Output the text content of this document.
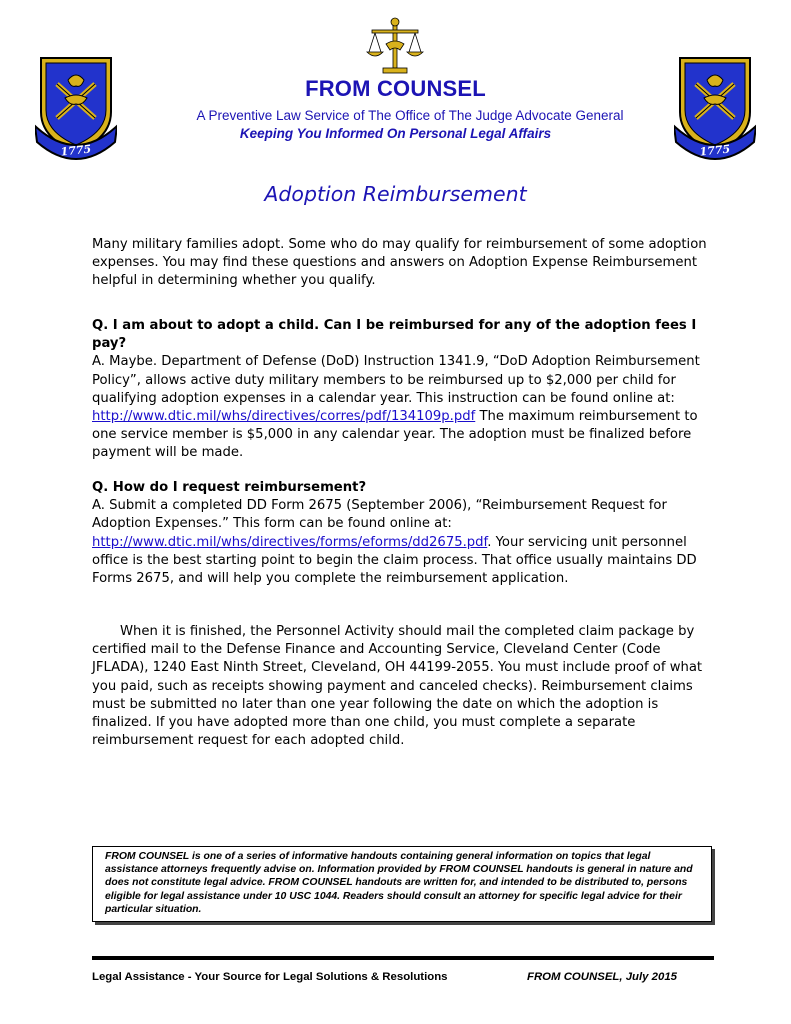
1775	1775
FROM COUNSEL
A Preventive Law Service of The Office of The Judge Advocate General
Keeping You Informed On Personal Legal Affairs
Adoption Reimbursement

Many military families adopt. Some who do may qualify for reimbursement of some adoption expenses. You may find these questions and answers on Adoption Expense Reimbursement helpful in determining whether you qualify.

Q. I am about to adopt a child. Can I be reimbursed for any of the adoption fees I pay?

A. Maybe. Department of Defense (DoD) Instruction 1341.9, “DoD Adoption Reimbursement Policy”, allows active duty military members to be reimbursed up to $2,000 per child for qualifying adoption expenses in a calendar year. This instruction can be found online at: http://www.dtic.mil/whs/directives/corres/pdf/134109p.pdf The maximum reimbursement to one service member is $5,000 in any calendar year. The adoption must be finalized before payment will be made.

Q. How do I request reimbursement?

A. Submit a completed DD Form 2675 (September 2006), “Reimbursement Request for Adoption Expenses.” This form can be found online at: http://www.dtic.mil/whs/directives/forms/eforms/dd2675.pdf. Your servicing unit personnel office is the best starting point to begin the claim process. That office usually maintains DD Forms 2675, and will help you complete the reimbursement application.

When it is finished, the Personnel Activity should mail the completed claim package by certified mail to the Defense Finance and Accounting Service, Cleveland Center (Code JFLADA), 1240 East Ninth Street, Cleveland, OH 44199-2055. You must include proof of what you paid, such as receipts showing payment and canceled checks). Reimbursement claims must be submitted no later than one year following the date on which the adoption is finalized. If you have adopted more than one child, you must complete a separate reimbursement request for each adopted child.

FROM COUNSEL is one of a series of informative handouts containing general information on topics that legal assistance attorneys frequently advise on. Information provided by FROM COUNSEL handouts is general in nature and does not constitute legal advice. FROM COUNSEL handouts are written for, and intended to be distributed to, persons eligible for legal assistance under 10 USC 1044. Readers should consult an attorney for specific legal advice for their particular situation.
Legal Assistance - Your Source for Legal Solutions & Resolutions	FROM COUNSEL, July 2015
